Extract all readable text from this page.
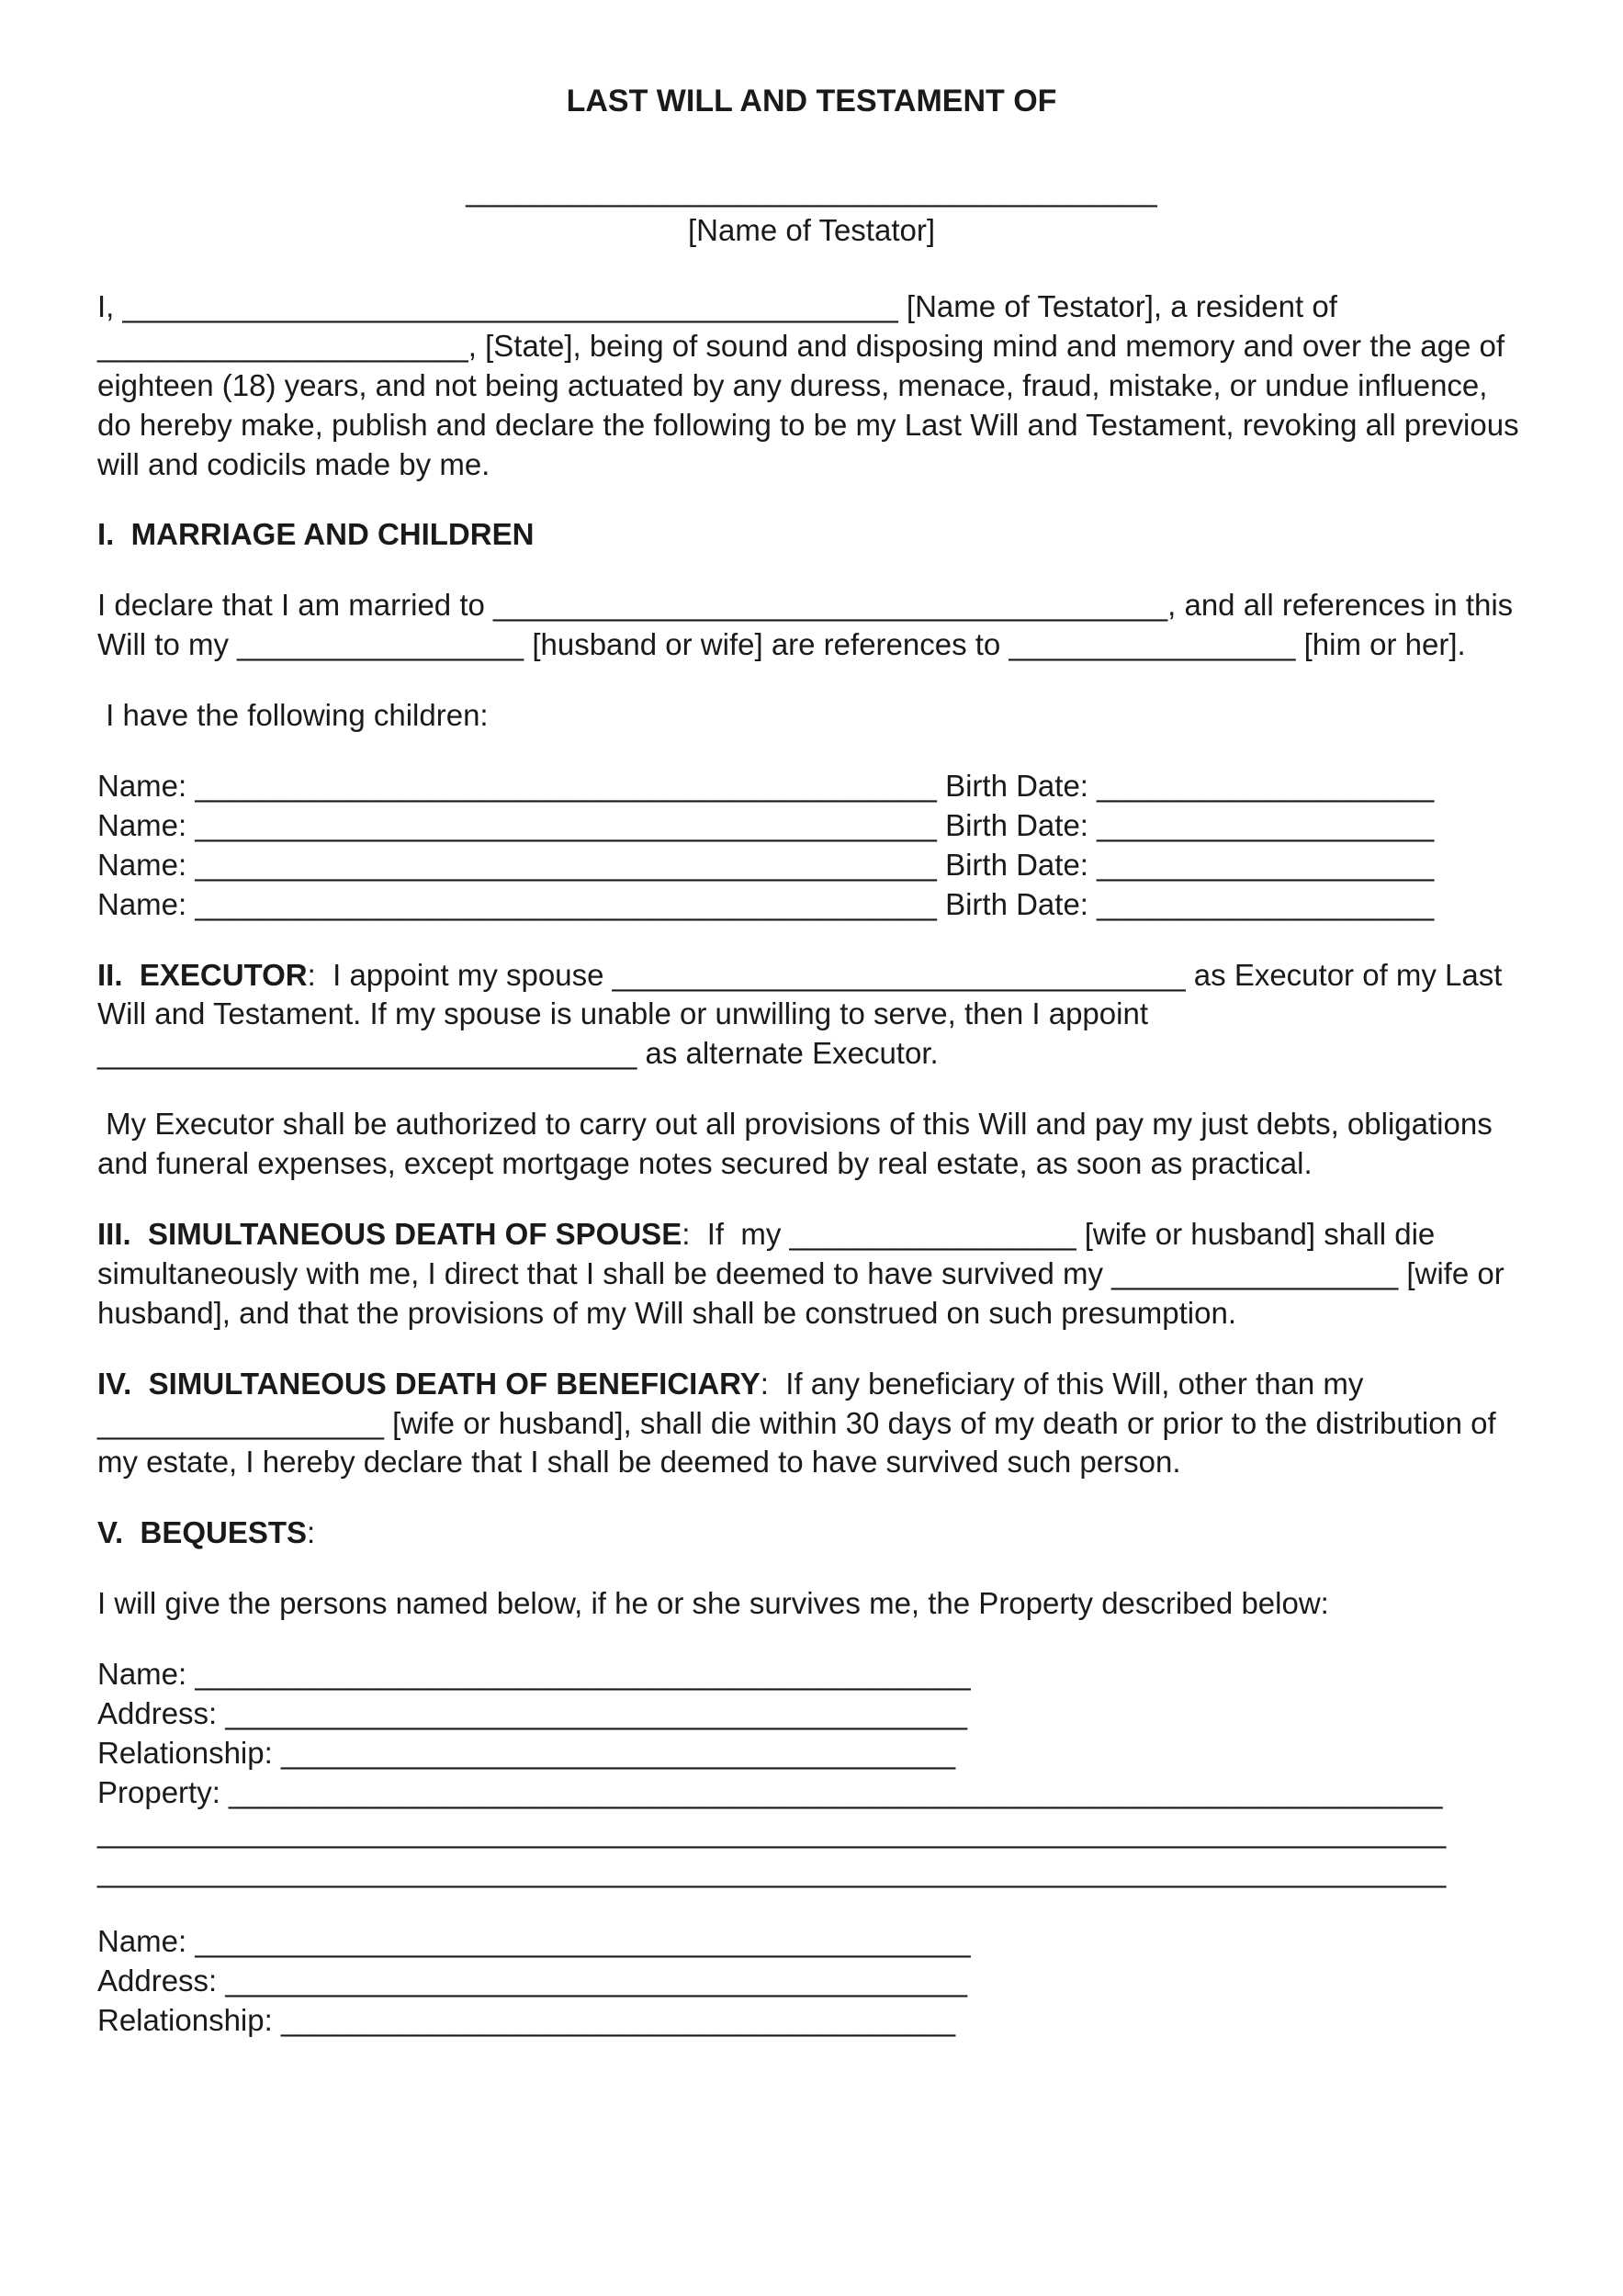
LAST WILL AND TESTAMENT OF
_________________________________________
[Name of Testator]

I, ______________________________________________ [Name of Testator], a resident of ______________________, [State], being of sound and disposing mind and memory and over the age of eighteen (18) years, and not being actuated by any duress, menace, fraud, mistake, or undue influence, do hereby make, publish and declare the following to be my Last Will and Testament, revoking all previous will and codicils made by me.

I.  MARRIAGE AND CHILDREN

I declare that I am married to ________________________________________, and all references in this Will to my _________________ [husband or wife] are references to _________________ [him or her].

I have the following children:

Name: ____________________________________________ Birth Date: ____________________
Name: ____________________________________________ Birth Date: ____________________
Name: ____________________________________________ Birth Date: ____________________
Name: ____________________________________________ Birth Date: ____________________

II.  EXECUTOR:  I appoint my spouse __________________________________ as Executor of my Last Will and Testament. If my spouse is unable or unwilling to serve, then I appoint ________________________________ as alternate Executor.

My Executor shall be authorized to carry out all provisions of this Will and pay my just debts, obligations and funeral expenses, except mortgage notes secured by real estate, as soon as practical.

III.  SIMULTANEOUS DEATH OF SPOUSE:  If  my _________________ [wife or husband] shall die simultaneously with me, I direct that I shall be deemed to have survived my _________________ [wife or husband], and that the provisions of my Will shall be construed on such presumption.

IV.  SIMULTANEOUS DEATH OF BENEFICIARY:  If any beneficiary of this Will, other than my _________________ [wife or husband], shall die within 30 days of my death or prior to the distribution of my estate, I hereby declare that I shall be deemed to have survived such person.

V.  BEQUESTS:

I will give the persons named below, if he or she survives me, the Property described below:

Name: ______________________________________________
Address: ____________________________________________
Relationship: ________________________________________
Property: ________________________________________________________________________
________________________________________________________________________________
________________________________________________________________________________
Name: ______________________________________________
Address: ____________________________________________
Relationship: ________________________________________
